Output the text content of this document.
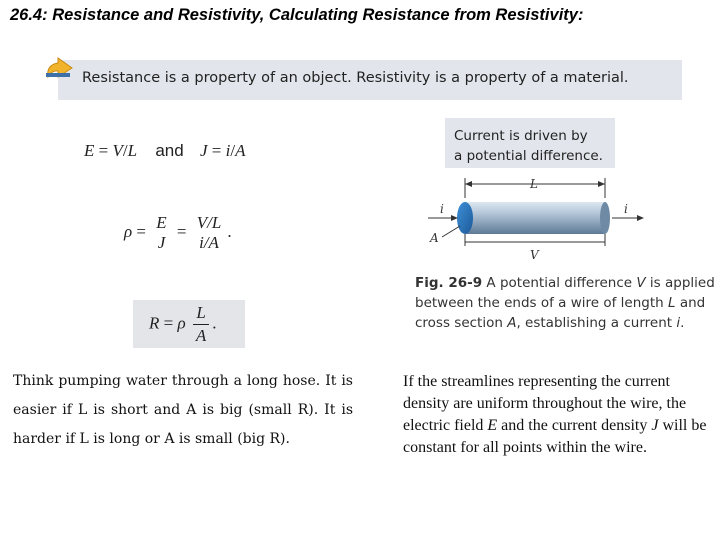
26.4: Resistance and Resistivity, Calculating Resistance from Resistivity:
Resistance is a property of an object. Resistivity is a property of a material.
E = V/L and J = i/A
ρ = E
J
= V/L
i/A
.
R = ρ $\frac{L}{A}$ .
Current is driven by
a potential difference.
L
i	i
A
V
Fig. 26-9 A potential difference V is applied between the ends of a wire of length L and cross section A, establishing a current i.
Think pumping water through a long hose. It is easier if L is short and A is big (small R). It is harder if L is long or A is small (big R).
If the streamlines representing the current density are uniform throughout the wire, the electric field E and the current density J will be constant for all points within the wire.
